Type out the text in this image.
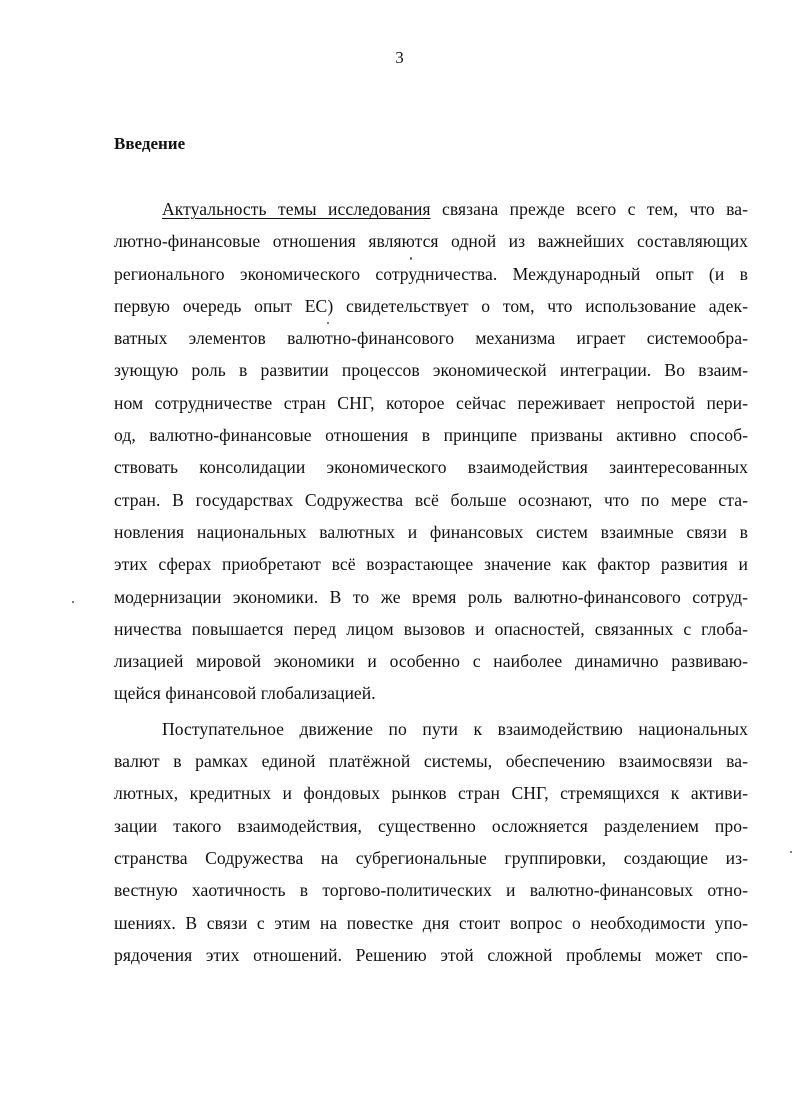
3
Введение
Актуальность темы исследования связана прежде всего с тем, что ва-
лютно-финансовые отношения являются одной из важнейших составляющих
регионального экономического сотрудничества. Международный опыт (и в
первую очередь опыт ЕС) свидетельствует о том, что использование адек-
ватных элементов валютно-финансового механизма играет системообра-
зующую роль в развитии процессов экономической интеграции. Во взаим-
ном сотрудничестве стран СНГ, которое сейчас переживает непростой пери-
од, валютно-финансовые отношения в принципе призваны активно способ-
ствовать консолидации экономического взаимодействия заинтересованных
стран. В государствах Содружества всё больше осознают, что по мере ста-
новления национальных валютных и финансовых систем взаимные связи в
этих сферах приобретают всё возрастающее значение как фактор развития и
модернизации экономики. В то же время роль валютно-финансового сотруд-
ничества повышается перед лицом вызовов и опасностей, связанных с глоба-
лизацией мировой экономики и особенно с наиболее динамично развиваю-
щейся финансовой глобализацией.
Поступательное движение по пути к взаимодействию национальных
валют в рамках единой платёжной системы, обеспечению взаимосвязи ва-
лютных, кредитных и фондовых рынков стран СНГ, стремящихся к активи-
зации такого взаимодействия, существенно осложняется разделением про-
странства Содружества на субрегиональные группировки, создающие из-
вестную хаотичность в торгово-политических и валютно-финансовых отно-
шениях. В связи с этим на повестке дня стоит вопрос о необходимости упо-
рядочения этих отношений. Решению этой сложной проблемы может спо-
